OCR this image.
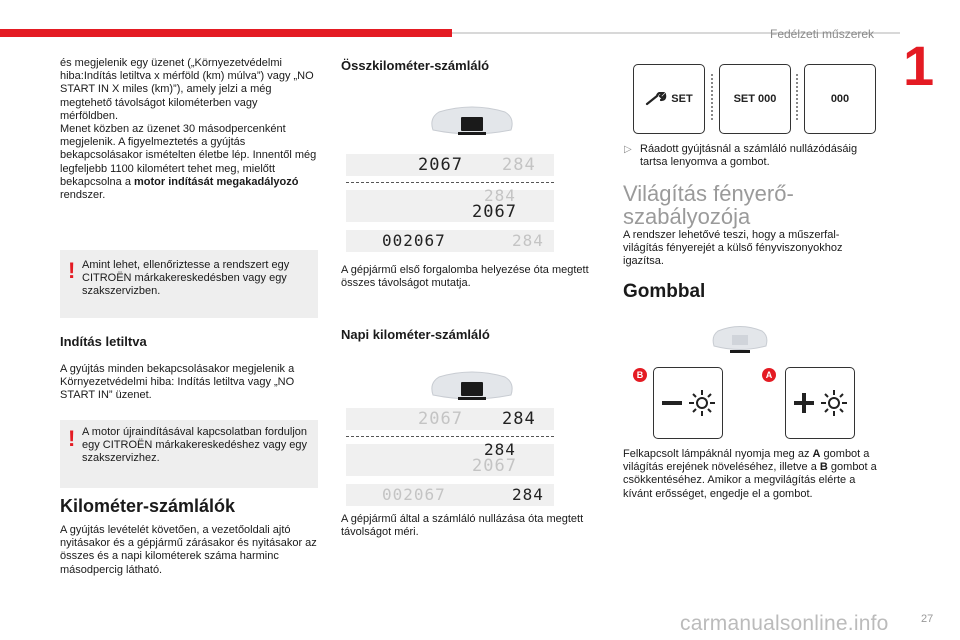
Fedélzeti műszerek 1
és megjelenik egy üzenet („Környezetvédelmi hiba:Indítás letiltva x mérföld (km) múlva”) vagy „NO START IN X miles (km)”), amely jelzi a még megtehető távolságot kilométerben vagy mérföldben.
Menet közben az üzenet 30 másodpercenként megjelenik. A figyelmeztetés a gyújtás bekapcsolásakor ismételten életbe lép. Innentől még legfeljebb 1100 kilométert tehet meg, mielőtt bekapcsolna a motor indítását megakadályozó rendszer.
! Amint lehet, ellenőriztesse a rendszert egy CITROËN márkakereskedésben vagy egy szakszervizben.
Indítás letiltva
A gyújtás minden bekapcsolásakor megjelenik a Környezetvédelmi hiba: Indítás letiltva vagy „NO START IN” üzenet.
! A motor újraindításával kapcsolatban forduljon egy CITROËN márkakereskedéshez vagy egy szakszervizhez.
Kilométer-számlálók
A gyújtás levételét követően, a vezetőoldali ajtó nyitásakor és a gépjármű zárásakor és nyitásakor az összes és a napi kilométerek száma harminc másodpercig látható.
Összkilométer-számláló
2067 284
284
2067
002067	284
A gépjármű első forgalomba helyezése óta megtett összes távolságot mutatja.
Napi kilométer-számláló
2067 284
284
2067
002067	284
A gépjármű által a számláló nullázása óta megtett távolságot méri.
SET	SET 000	000
▷ Ráadott gyújtásnál a számláló nullázódásáig tartsa lenyomva a gombot.
Világítás fényerő-szabályozója
A rendszer lehetővé teszi, hogy a műszerfal-világítás fényerejét a külső fényviszonyokhoz igazítsa.
Gombbal
B	A
Felkapcsolt lámpáknál nyomja meg az A gombot a világítás erejének növeléséhez, illetve a B gombot a csökkentéséhez. Amikor a megvilágítás elérte a kívánt erősséget, engedje el a gombot.
carmanualsonline.info	27
